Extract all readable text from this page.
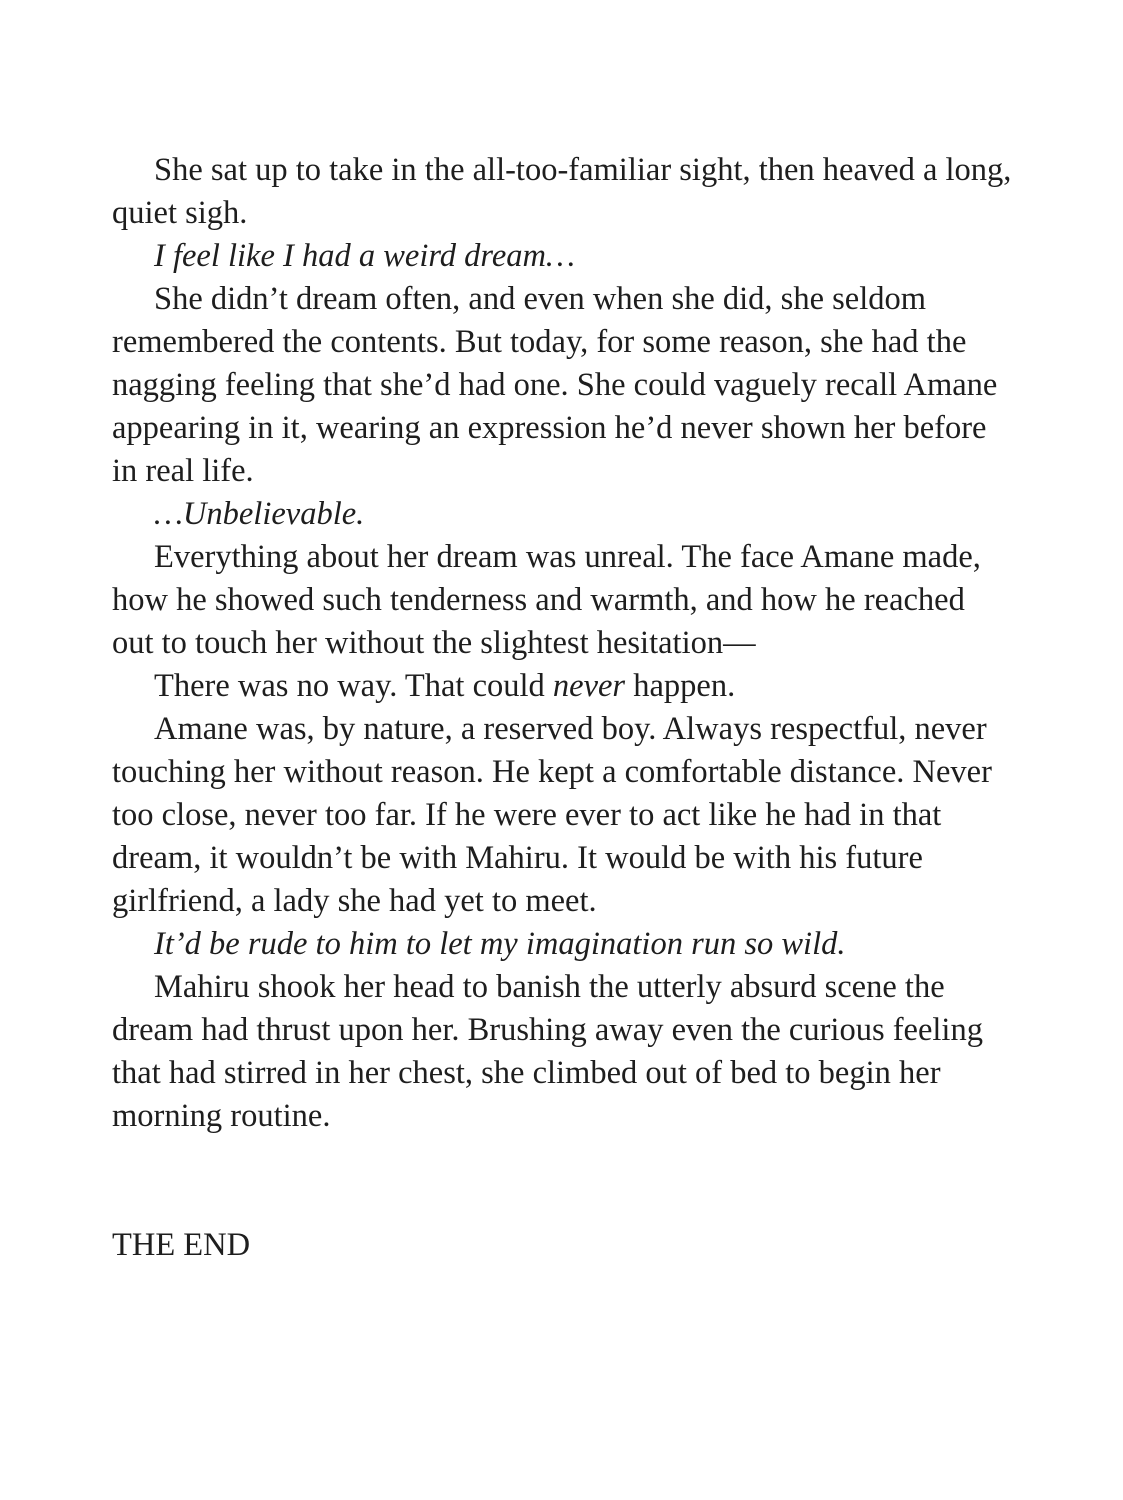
She sat up to take in the all-too-familiar sight, then heaved a long, quiet sigh.

I feel like I had a weird dream…

She didn’t dream often, and even when she did, she seldom remembered the contents. But today, for some reason, she had the nagging feeling that she’d had one. She could vaguely recall Amane appearing in it, wearing an expression he’d never shown her before in real life.

…Unbelievable.

Everything about her dream was unreal. The face Amane made, how he showed such tenderness and warmth, and how he reached out to touch her without the slightest hesitation—

There was no way. That could never happen.

Amane was, by nature, a reserved boy. Always respectful, never touching her without reason. He kept a comfortable distance. Never too close, never too far. If he were ever to act like he had in that dream, it wouldn’t be with Mahiru. It would be with his future girlfriend, a lady she had yet to meet.

It’d be rude to him to let my imagination run so wild.

Mahiru shook her head to banish the utterly absurd scene the dream had thrust upon her. Brushing away even the curious feeling that had stirred in her chest, she climbed out of bed to begin her morning routine.

THE END
